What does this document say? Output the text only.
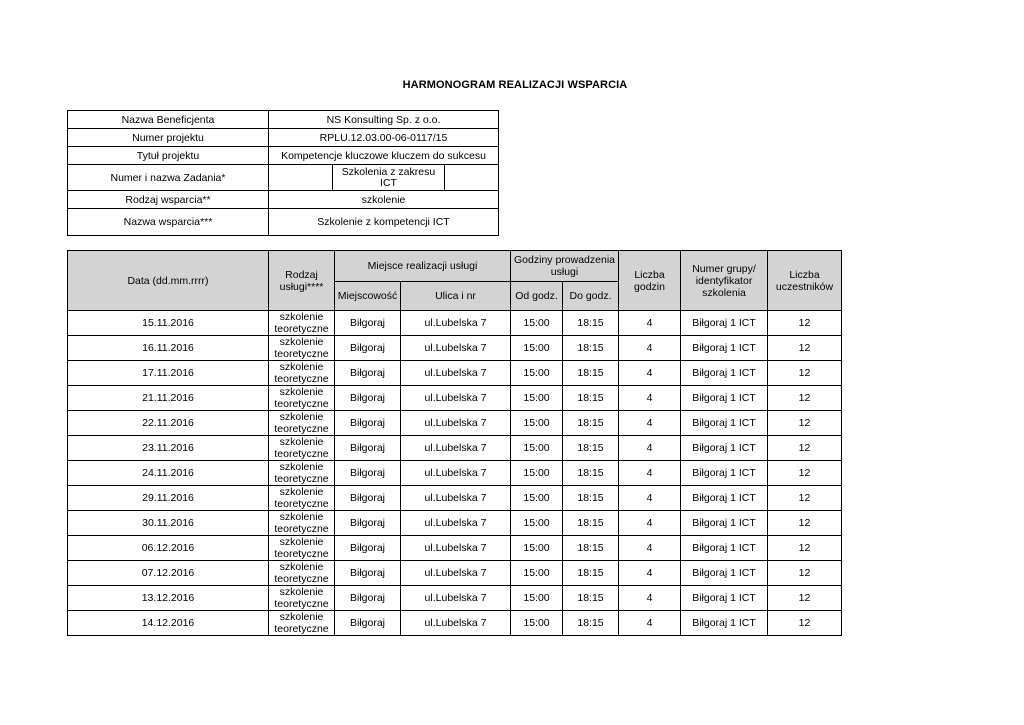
HARMONOGRAM REALIZACJI WSPARCIA
Nazwa Beneficjenta	NS Konsulting Sp. z o.o.
Numer projektu	RPLU.12.03.00-06-0117/15
Tytuł projektu	Kompetencje kluczowe kluczem do sukcesu
Numer i nazwa Zadania*	Szkolenia z zakresu ICT

Rodzaj wsparcia**	szkolenie
Nazwa wsparcia***	Szkolenie z kompetencji ICT
Data (dd.mm.rrrr)	Rodzaj usługi****	Miejsce realizacji usługi		Godziny prowadzenia usługi		Liczba godzin	Numer grupy/ identyfikator szkolenia	Liczba uczestników
		Miejscowość	Ulica i nr	Od godz.	Do godz.			
15.11.2016	szkolenie teoretyczne	Biłgoraj	ul.Lubelska 7	15:00	18:15	4	Biłgoraj 1 ICT	12
16.11.2016	szkolenie teoretyczne	Biłgoraj	ul.Lubelska 7	15:00	18:15	4	Biłgoraj 1 ICT	12
17.11.2016	szkolenie teoretyczne	Biłgoraj	ul.Lubelska 7	15:00	18:15	4	Biłgoraj 1 ICT	12
21.11.2016	szkolenie teoretyczne	Biłgoraj	ul.Lubelska 7	15:00	18:15	4	Biłgoraj 1 ICT	12
22.11.2016	szkolenie teoretyczne	Biłgoraj	ul.Lubelska 7	15:00	18:15	4	Biłgoraj 1 ICT	12
23.11.2016	szkolenie teoretyczne	Biłgoraj	ul.Lubelska 7	15:00	18:15	4	Biłgoraj 1 ICT	12
24.11.2016	szkolenie teoretyczne	Biłgoraj	ul.Lubelska 7	15:00	18:15	4	Biłgoraj 1 ICT	12
29.11.2016	szkolenie teoretyczne	Biłgoraj	ul.Lubelska 7	15:00	18:15	4	Biłgoraj 1 ICT	12
30.11.2016	szkolenie teoretyczne	Biłgoraj	ul.Lubelska 7	15:00	18:15	4	Biłgoraj 1 ICT	12
06.12.2016	szkolenie teoretyczne	Biłgoraj	ul.Lubelska 7	15:00	18:15	4	Biłgoraj 1 ICT	12
07.12.2016	szkolenie teoretyczne	Biłgoraj	ul.Lubelska 7	15:00	18:15	4	Biłgoraj 1 ICT	12
13.12.2016	szkolenie teoretyczne	Biłgoraj	ul.Lubelska 7	15:00	18:15	4	Biłgoraj 1 ICT	12
14.12.2016	szkolenie teoretyczne	Biłgoraj	ul.Lubelska 7	15:00	18:15	4	Biłgoraj 1 ICT	12
